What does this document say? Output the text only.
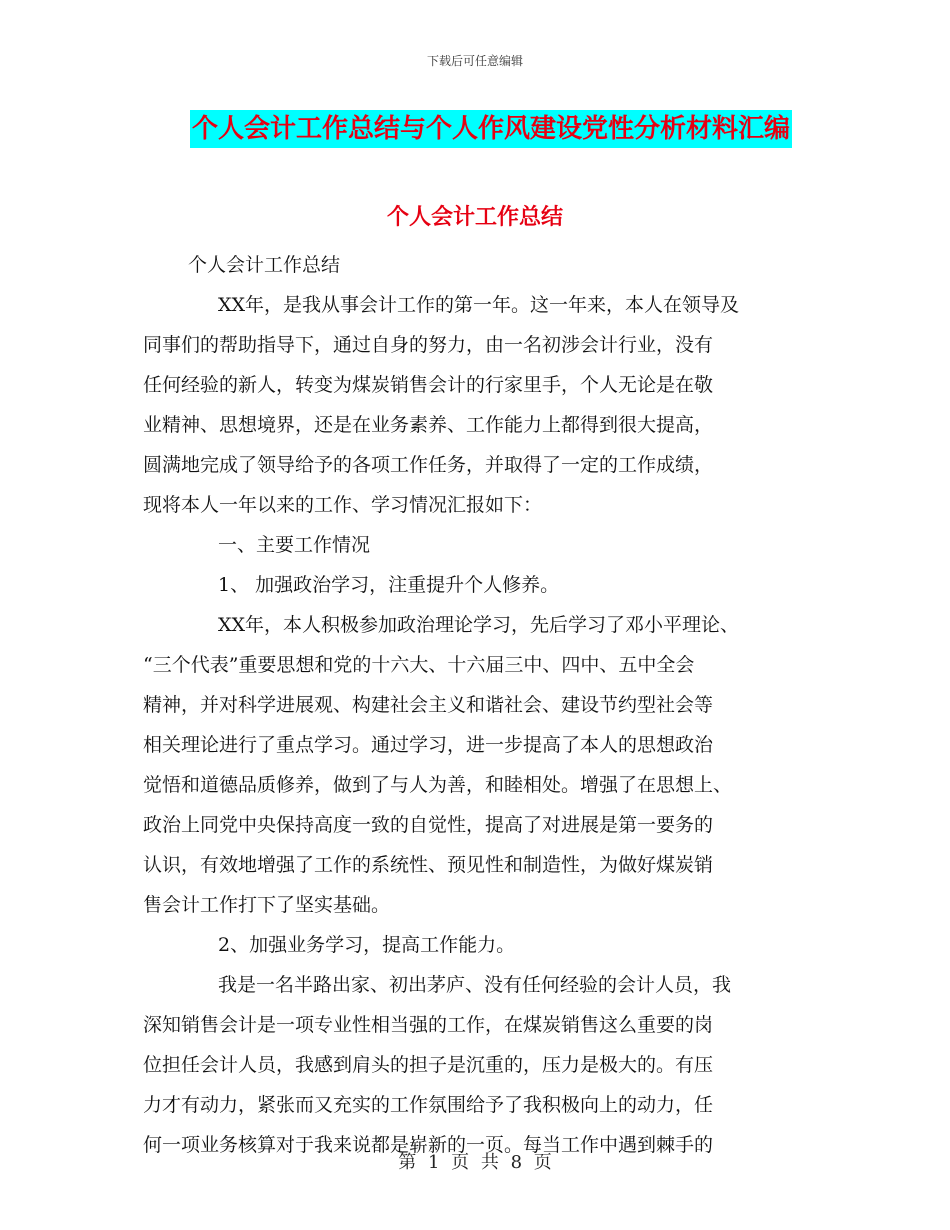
下载后可任意编辑
个人会计工作总结与个人作风建设党性分析材料汇编
个人会计工作总结

个人会计工作总结

XX年，是我从事会计工作的第一年。这一年来，本人在领导及

同事们的帮助指导下，通过自身的努力，由一名初涉会计行业，没有

任何经验的新人，转变为煤炭销售会计的行家里手，个人无论是在敬

业精神、思想境界，还是在业务素养、工作能力上都得到很大提高，

圆满地完成了领导给予的各项工作任务，并取得了一定的工作成绩，

现将本人一年以来的工作、学习情况汇报如下：

一、主要工作情况

1、 加强政治学习，注重提升个人修养。

XX年，本人积极参加政治理论学习，先后学习了邓小平理论、

“三个代表”重要思想和党的十六大、十六届三中、四中、五中全会

精神，并对科学进展观、构建社会主义和谐社会、建设节约型社会等

相关理论进行了重点学习。通过学习，进一步提高了本人的思想政治

觉悟和道德品质修养，做到了与人为善，和睦相处。增强了在思想上、

政治上同党中央保持高度一致的自觉性，提高了对进展是第一要务的

认识，有效地增强了工作的系统性、预见性和制造性，为做好煤炭销

售会计工作打下了坚实基础。

2、加强业务学习，提高工作能力。

我是一名半路出家、初出茅庐、没有任何经验的会计人员，我

深知销售会计是一项专业性相当强的工作，在煤炭销售这么重要的岗

位担任会计人员，我感到肩头的担子是沉重的，压力是极大的。有压

力才有动力，紧张而又充实的工作氛围给予了我积极向上的动力，任

何一项业务核算对于我来说都是崭新的一页。每当工作中遇到棘手的

第 1 页 共 8 页
